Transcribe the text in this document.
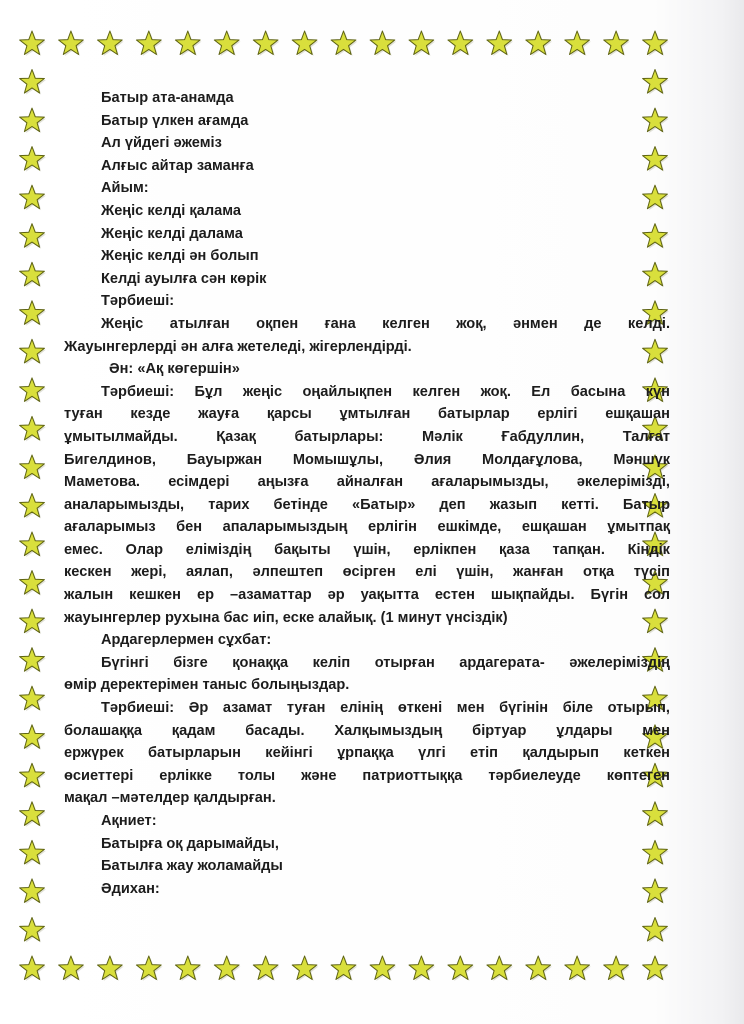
Батыр ата-анамда

Батыр үлкен ағамда

Ал үйдегі әжеміз

Алғыс айтар заманға

Айым:

Жеңіс келді қалама

Жеңіс келді далама

Жеңіс келді ән болып

Келді ауылға сән көрік

Тәрбиеші:

Жеңіс атылған оқпен ғана келген жоқ, әнмен де келді.

Жауынгерлерді ән алға жетеледі, жігерлендірді.

Ән: «Ақ көгершін»

Тәрбиеші: Бұл жеңіс оңайлықпен келген жоқ. Ел басына күн

туған кезде жауға қарсы ұмтылған батырлар ерлігі ешқашан

ұмытылмайды. Қазақ батырлары: Мәлік Ғабдуллин, Талғат

Бигелдинов, Бауыржан Момышұлы, Әлия Молдағұлова, Мәншүк

Маметова. есімдері аңызға айналған ағаларымызды, әкелерімізді,

аналарымызды, тарих бетінде «Батыр» деп жазып кетті. Батыр

ағаларымыз бен апаларымыздың ерлігін ешкімде, ешқашан ұмытпақ

емес. Олар еліміздің бақыты үшін, ерлікпен қаза тапқан. Кіндік

кескен жері, аялап, әлпештеп өсірген елі үшін, жанған отқа түсіп

жалын кешкен ер –азаматтар әр уақытта естен шықпайды. Бүгін сол

жауынгерлер рухына бас иіп, еске алайық. (1 минут үнсіздік)

Ардагерлермен сұхбат:

Бүгінгі бізге қонаққа келіп отырған ардагерата- әжелеріміздің

өмір деректерімен таныс болыңыздар.

Тәрбиеші: Әр азамат туған елінің өткені мен бүгінін біле отырып,

болашаққа қадам басады. Халқымыздың біртуар ұлдары мен

ержүрек батырларын кейінгі ұрпаққа үлгі етіп қалдырып кеткен

өсиеттері ерлікке толы және патриоттыққа тәрбиелеуде көптеген

мақал –мәтелдер қалдырған.

Ақниет:

Батырға оқ дарымайды,

Батылға жау жоламайды

Әдихан:
